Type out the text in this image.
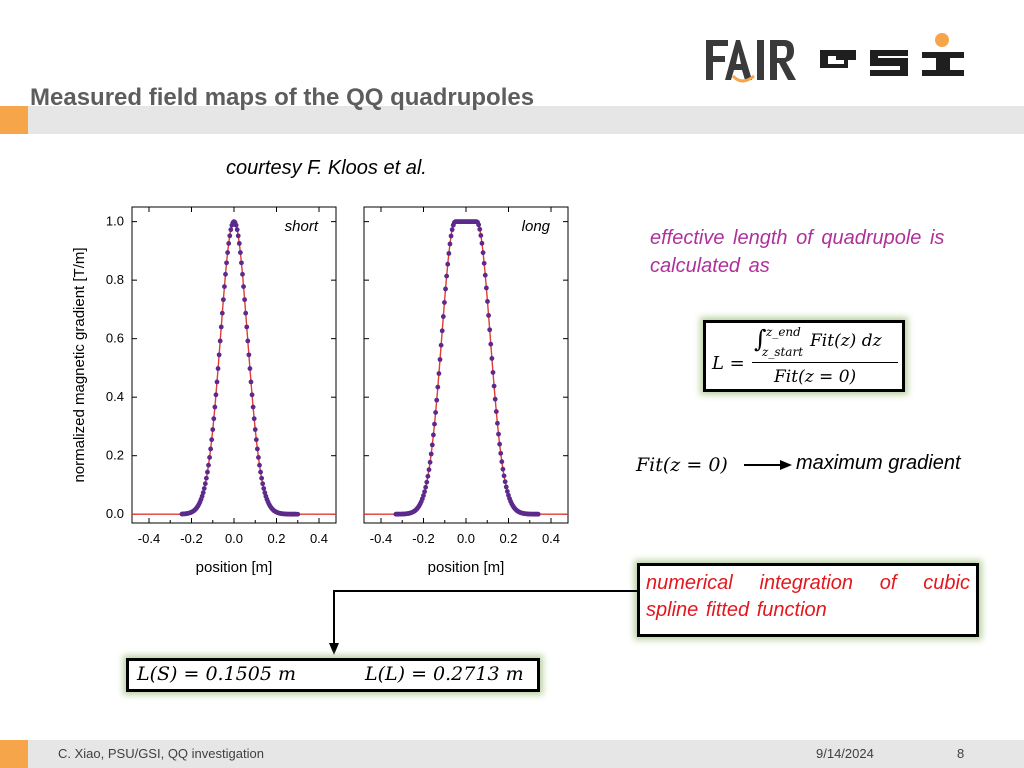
Measured field maps of the QQ quadrupoles
courtesy F. Kloos et al.
-0.4 -0.2 0.0 0.2 0.4
0.0
0.2
0.4
0.6
0.8
1.0	short
position [m]
normalized magnetic gradient [T/m]
-0.4 -0.2 0.0 0.2 0.4
long
position [m]
effective length of quadrupole is calculated as
L =
∫ z_end
z_start
Fit(z) dz
Fit(z = 0)
Fit(z = 0)	maximum gradient
numerical integration of cubic spline fitted function
L(S) = 0.1505 m	L(L) = 0.2713 m
C. Xiao, PSU/GSI, QQ investigation	9/14/2024	8
